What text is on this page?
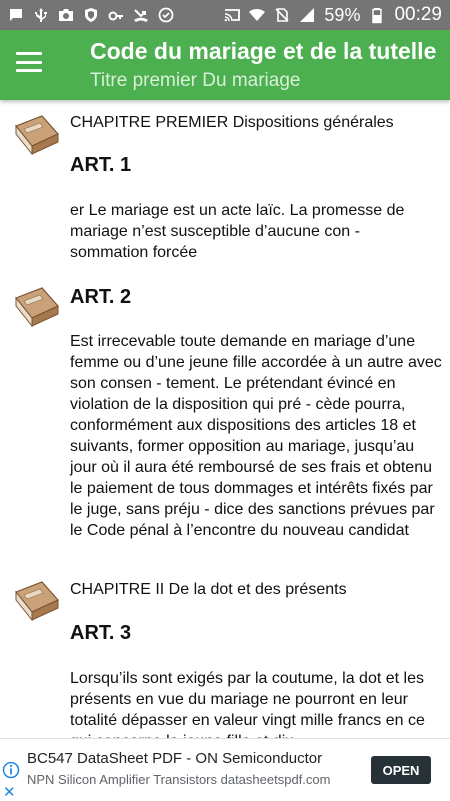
59% 00:29
Code du mariage et de la tutelle
Titre premier Du mariage
CHAPITRE PREMIER Dispositions générales
ART. 1
er Le mariage est un acte laïc. La promesse de mariage n’est susceptible d’aucune con - sommation forcée
ART. 2
Est irrecevable toute demande en mariage d’une femme ou d’une jeune fille accordée à un autre avec son consen - tement. Le prétendant évincé en violation de la disposition qui pré - cède pourra, conformément aux dispositions des articles 18 et suivants, former opposition au mariage, jusqu’au jour où il aura été remboursé de ses frais et obtenu le paiement de tous dommages et intérêts fixés par le juge, sans préju - dice des sanctions prévues par le Code pénal à l’encontre du nouveau candidat
CHAPITRE II De la dot et des présents
ART. 3
Lorsqu’ils sont exigés par la coutume, la dot et les présents en vue du mariage ne pourront en leur totalité dépasser en valeur vingt mille francs en ce
✕
BC547 DataSheet PDF - ON Semiconductor
NPN Silicon Amplifier Transistors datasheetspdf.com
OPEN
